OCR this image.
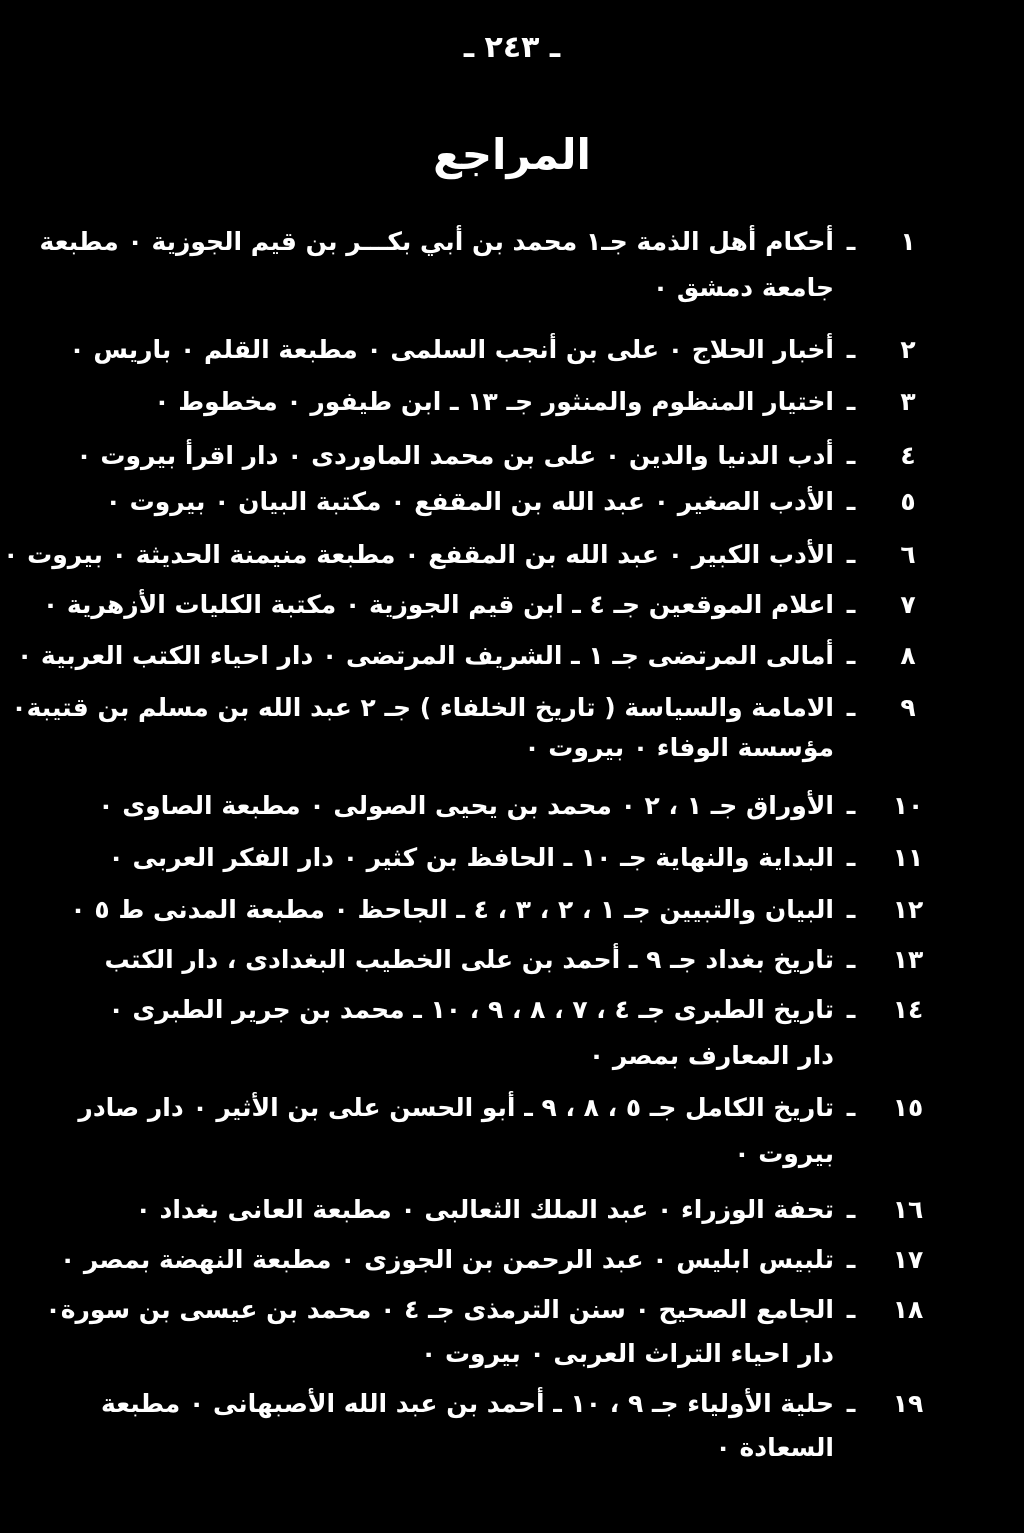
ـ ٢٤٣ ـ
المراجع
١
ـ
أحكام أهل الذمة جـ١ محمد بن أبي بكـــر بن قيم الجوزية ٠ مطبعة
جامعة دمشق ٠
٢
ـ
أخبار الحلاج ٠ على بن أنجب السلمى ٠ مطبعة القلم ٠ باريس ٠
٣
ـ
اختيار المنظوم والمنثور جـ ١٣ ـ ابن طيفور ٠ مخطوط ٠
٤
ـ
أدب الدنيا والدين ٠ على بن محمد الماوردى ٠ دار اقرأ بيروت ٠
٥
ـ
الأدب الصغير ٠ عبد الله بن المقفع ٠ مكتبة البيان ٠ بيروت ٠
٦
ـ
الأدب الكبير ٠ عبد الله بن المقفع ٠ مطبعة منيمنة الحديثة ٠ بيروت ٠
٧
ـ
اعلام الموقعين جـ ٤ ـ ابن قيم الجوزية ٠ مكتبة الكليات الأزهرية ٠
٨
ـ
أمالى المرتضى جـ ١ ـ الشريف المرتضى ٠ دار احياء الكتب العربية ٠
٩
ـ
الامامة والسياسة ( تاريخ الخلفاء ) جـ ٢ عبد الله بن مسلم بن قتيبة٠
مؤسسة الوفاء ٠ بيروت ٠
١٠
ـ
الأوراق جـ ١ ، ٢ ٠ محمد بن يحيى الصولى ٠ مطبعة الصاوى ٠
١١
ـ
البداية والنهاية جـ ١٠ ـ الحافظ بن كثير ٠ دار الفكر العربى ٠
١٢
ـ
البيان والتبيين جـ ١ ، ٢ ، ٣ ، ٤ ـ الجاحظ ٠ مطبعة المدنى ط ٥ ٠
١٣
ـ
تاريخ بغداد جـ ٩ ـ أحمد بن على الخطيب البغدادى ، دار الكتب
١٤
ـ
تاريخ الطبرى جـ ٤ ، ٧ ، ٨ ، ٩ ، ١٠ ـ محمد بن جرير الطبرى ٠
دار المعارف بمصر ٠
١٥
ـ
تاريخ الكامل جـ ٥ ، ٨ ، ٩ ـ أبو الحسن على بن الأثير ٠ دار صادر
بيروت ٠
١٦
ـ
تحفة الوزراء ٠ عبد الملك الثعالبى ٠ مطبعة العانى بغداد ٠
١٧
ـ
تلبيس ابليس ٠ عبد الرحمن بن الجوزى ٠ مطبعة النهضة بمصر ٠
١٨
ـ
الجامع الصحيح ٠ سنن الترمذى جـ ٤ ٠ محمد بن عيسى بن سورة٠
دار احياء التراث العربى ٠ بيروت ٠
١٩
ـ
حلية الأولياء جـ ٩ ، ١٠ ـ أحمد بن عبد الله الأصبهانى ٠ مطبعة
السعادة ٠
